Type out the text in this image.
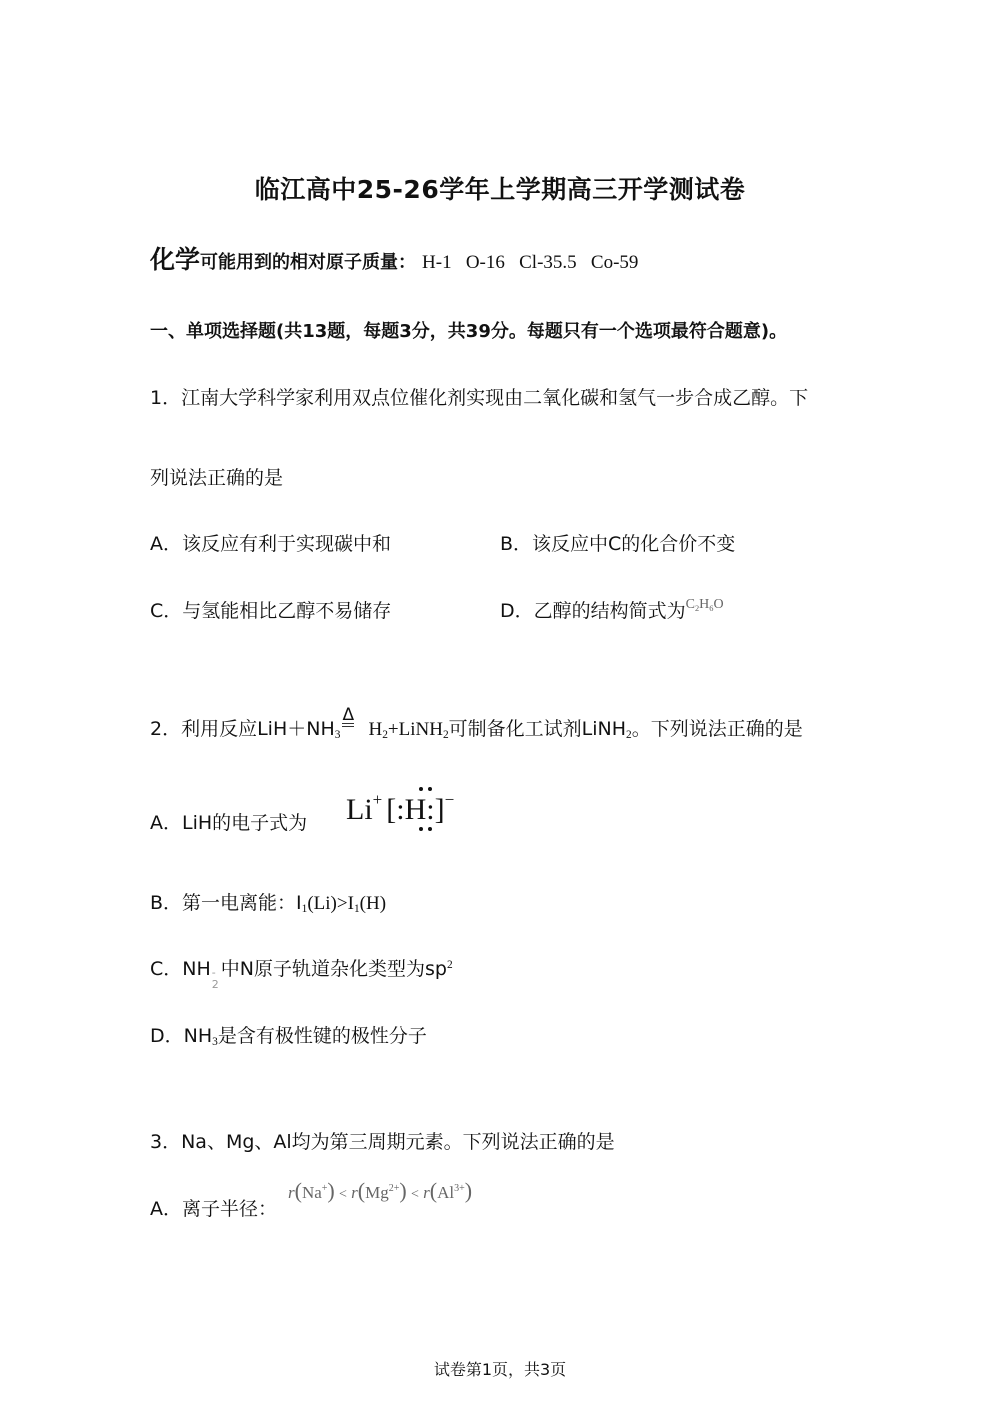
临江高中25-26学年上学期高三开学测试卷
化学可能用到的相对原子质量： H-1   O-16   Cl-35.5   Co-59
一、单项选择题(共13题，每题3分，共39分。每题只有一个选项最符合题意)。
1．江南大学科学家利用双点位催化剂实现由二氧化碳和氢气一步合成乙醇。下
列说法正确的是
A．该反应有利于实现碳中和	B．该反应中C的化合价不变
C．与氢能相比乙醇不易储存	D．乙醇的结构简式为$^{C_2H_6O}$
2．利用反应$LiH+NH_3$
Δ
$H_2+LiNH_2$可制备化工试剂LiNH$_2$。下列说法正确的是
A．LiH的电子式为 Li+ [:H:]−
B．第一电离能：$I_1(Li)>I_1(H)$
C．NH -
2
中N原子轨道杂化类型为$sp^2$
D．$NH_3$是含有极性键的极性分子
3．Na、Mg、Al均为第三周期元素。下列说法正确的是
A．离子半径：
$r(Na^+) < r(Mg^{2+}) < r(Al^{3+})$
试卷第1页，共3页
